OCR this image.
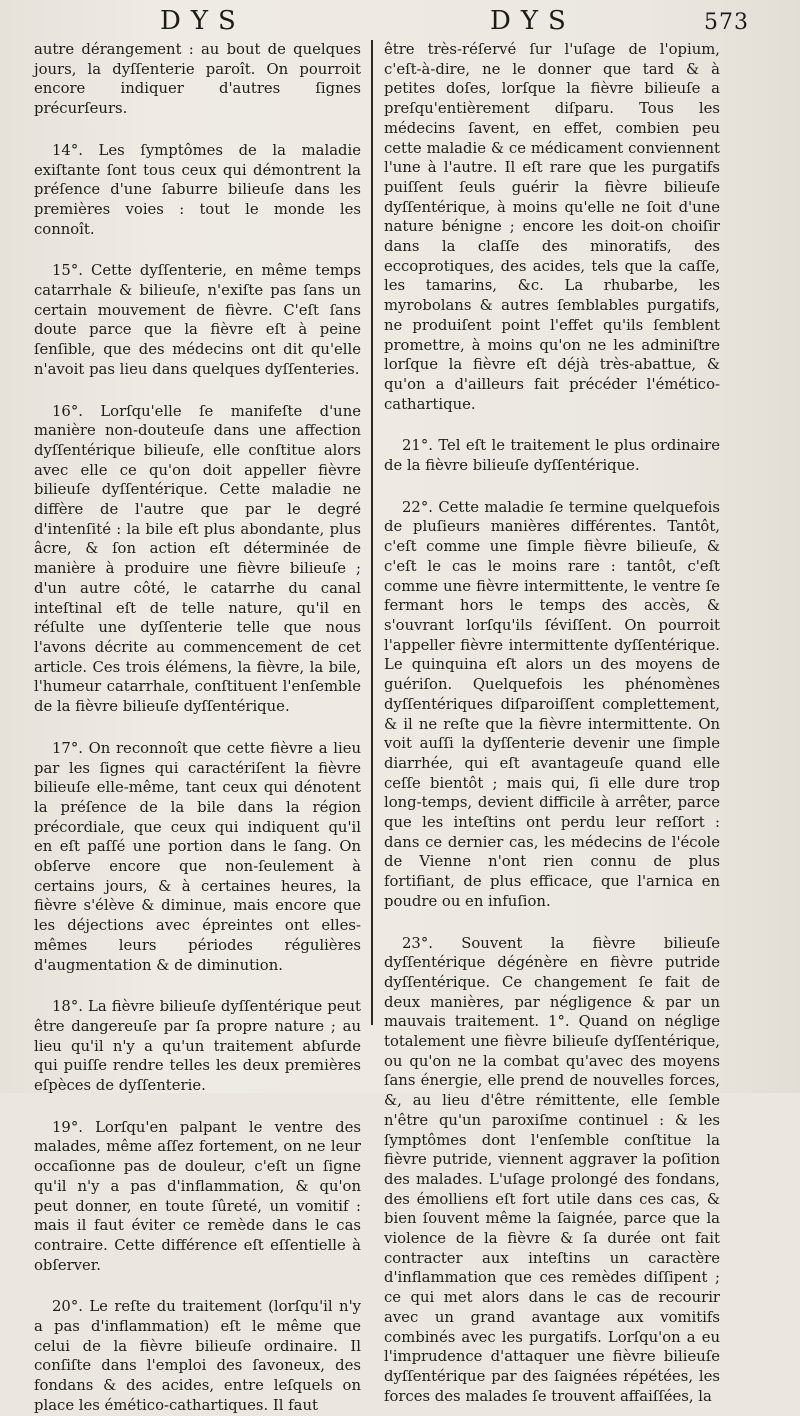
DYS	DYS	573

autre dérangement : au bout de quelques jours, la dyſſenterie paroît. On pourroit encore indiquer d'autres ſignes précurſeurs.

14°. Les ſymptômes de la maladie exiſtante ſont tous ceux qui démontrent la préſence d'une ſaburre bilieuſe dans les premières voies : tout le monde les connoît.

15°. Cette dyſſenterie, en même temps catarrhale & bilieuſe, n'exiſte pas ſans un certain mouvement de fièvre. C'eſt ſans doute parce que la fièvre eſt à peine ſenſible, que des médecins ont dit qu'elle n'avoit pas lieu dans quelques dyſſenteries.

16°. Lorſqu'elle ſe manifeſte d'une manière non-douteuſe dans une affection dyſſentérique bilieuſe, elle conſtitue alors avec elle ce qu'on doit appeller fièvre bilieuſe dyſſentérique. Cette maladie ne diffère de l'autre que par le degré d'intenſité : la bile eſt plus abondante, plus âcre, & ſon action eſt déterminée de manière à produire une fièvre bilieuſe ; d'un autre côté, le catarrhe du canal inteſtinal eſt de telle nature, qu'il en réſulte une dyſſenterie telle que nous l'avons décrite au commencement de cet article. Ces trois élémens, la fièvre, la bile, l'humeur catarrhale, conſtituent l'enſemble de la fièvre bilieuſe dyſſentérique.

17°. On reconnoît que cette fièvre a lieu par les ſignes qui caractériſent la fièvre bilieuſe elle-même, tant ceux qui dénotent la préſence de la bile dans la région précordiale, que ceux qui indiquent qu'il en eſt paſſé une portion dans le ſang. On obſerve encore que non-ſeulement à certains jours, & à certaines heures, la fièvre s'élève & diminue, mais encore que les déjections avec épreintes ont elles-mêmes leurs périodes régulières d'augmentation & de diminution.

18°. La fièvre bilieuſe dyſſentérique peut être dangereuſe par ſa propre nature ; au lieu qu'il n'y a qu'un traitement abſurde qui puiſſe rendre telles les deux premières eſpèces de dyſſenterie.

19°. Lorſqu'en palpant le ventre des malades, même aſſez fortement, on ne leur occaſionne pas de douleur, c'eſt un ſigne qu'il n'y a pas d'inflammation, & qu'on peut donner, en toute ſûreté, un vomitif : mais il faut éviter ce remède dans le cas contraire. Cette différence eſt eſſentielle à obſerver.

20°. Le reſte du traitement (lorſqu'il n'y a pas d'inflammation) eſt le même que celui de la fièvre bilieuſe ordinaire. Il conſiſte dans l'emploi des ſavoneux, des fondans & des acides, entre leſquels on place les émético-cathartiques. Il faut

être très-réſervé ſur l'uſage de l'opium, c'eſt-à-dire, ne le donner que tard & à petites doſes, lorſque la fièvre bilieuſe a preſqu'entièrement diſparu. Tous les médecins ſavent, en effet, combien peu cette maladie & ce médicament conviennent l'une à l'autre. Il eſt rare que les purgatifs puiſſent ſeuls guérir la fièvre bilieuſe dyſſentérique, à moins qu'elle ne ſoit d'une nature bénigne ; encore les doit-on choiſir dans la claſſe des minoratifs, des eccoprotiques, des acides, tels que la caſſe, les tamarins, &c. La rhubarbe, les myrobolans & autres ſemblables purgatifs, ne produiſent point l'effet qu'ils ſemblent promettre, à moins qu'on ne les adminiſtre lorſque la fièvre eſt déjà très-abattue, & qu'on a d'ailleurs fait précéder l'émético-cathartique.

21°. Tel eſt le traitement le plus ordinaire de la fièvre bilieuſe dyſſentérique.

22°. Cette maladie ſe termine quelquefois de pluſieurs manières différentes. Tantôt, c'eſt comme une ſimple fièvre bilieuſe, & c'eſt le cas le moins rare : tantôt, c'eſt comme une fièvre intermittente, le ventre ſe fermant hors le temps des accès, & s'ouvrant lorſqu'ils ſéviſſent. On pourroit l'appeller fièvre intermittente dyſſentérique. Le quinquina eſt alors un des moyens de guériſon. Quelquefois les phénomènes dyſſentériques diſparoiſſent complettement, & il ne reſte que la fièvre intermittente. On voit auſſi la dyſſenterie devenir une ſimple diarrhée, qui eſt avantageuſe quand elle ceſſe bientôt ; mais qui, ſi elle dure trop long-temps, devient difficile à arrêter, parce que les inteſtins ont perdu leur reſſort : dans ce dernier cas, les médecins de l'école de Vienne n'ont rien connu de plus fortifiant, de plus efficace, que l'arnica en poudre ou en infuſion.

23°. Souvent la fièvre bilieuſe dyſſentérique dégénère en fièvre putride dyſſentérique. Ce changement ſe fait de deux manières, par négligence & par un mauvais traitement. 1°. Quand on néglige totalement une fièvre bilieuſe dyſſentérique, ou qu'on ne la combat qu'avec des moyens ſans énergie, elle prend de nouvelles forces, &, au lieu d'être rémittente, elle ſemble n'être qu'un paroxiſme continuel : & les ſymptômes dont l'enſemble conſtitue la fièvre putride, viennent aggraver la poſition des malades. L'uſage prolongé des fondans, des émolliens eſt fort utile dans ces cas, & bien ſouvent même la ſaignée, parce que la violence de la fièvre & ſa durée ont fait contracter aux inteſtins un caractère d'inflammation que ces remèdes diſſipent ; ce qui met alors dans le cas de recourir avec un grand avantage aux vomitifs combinés avec les purgatifs. Lorſqu'on a eu l'imprudence d'attaquer une fièvre bilieuſe dyſſentérique par des ſaignées répétées, les forces des malades ſe trouvent affaiſſées, la
